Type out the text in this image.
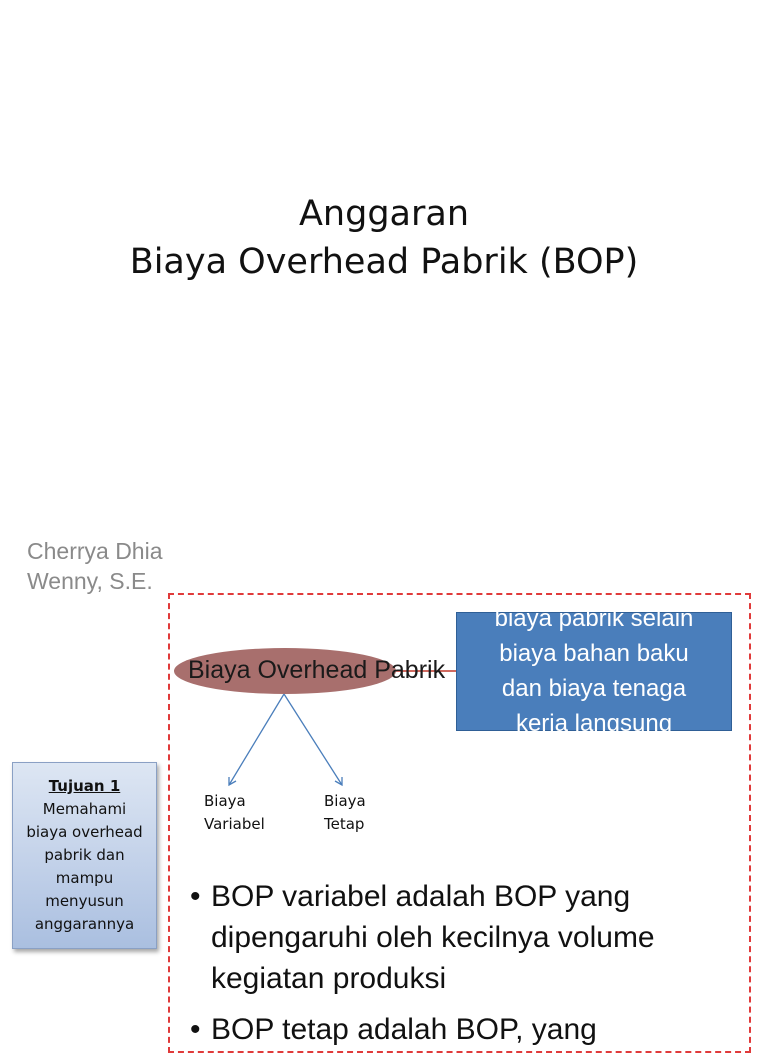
Anggaran
Biaya Overhead Pabrik (BOP)
Cherrya Dhia
Wenny, S.E.
Biaya Overhead Pabrik
biaya pabrik selain
biaya bahan baku
dan biaya tenaga
kerja langsung
Biaya
Variabel
Biaya
Tetap
Tujuan 1
Memahami
biaya overhead
pabrik dan
mampu
menyusun
anggarannya
• BOP variabel adalah BOP yang
dipengaruhi oleh kecilnya volume
kegiatan produksi
• BOP tetap adalah BOP, yang
